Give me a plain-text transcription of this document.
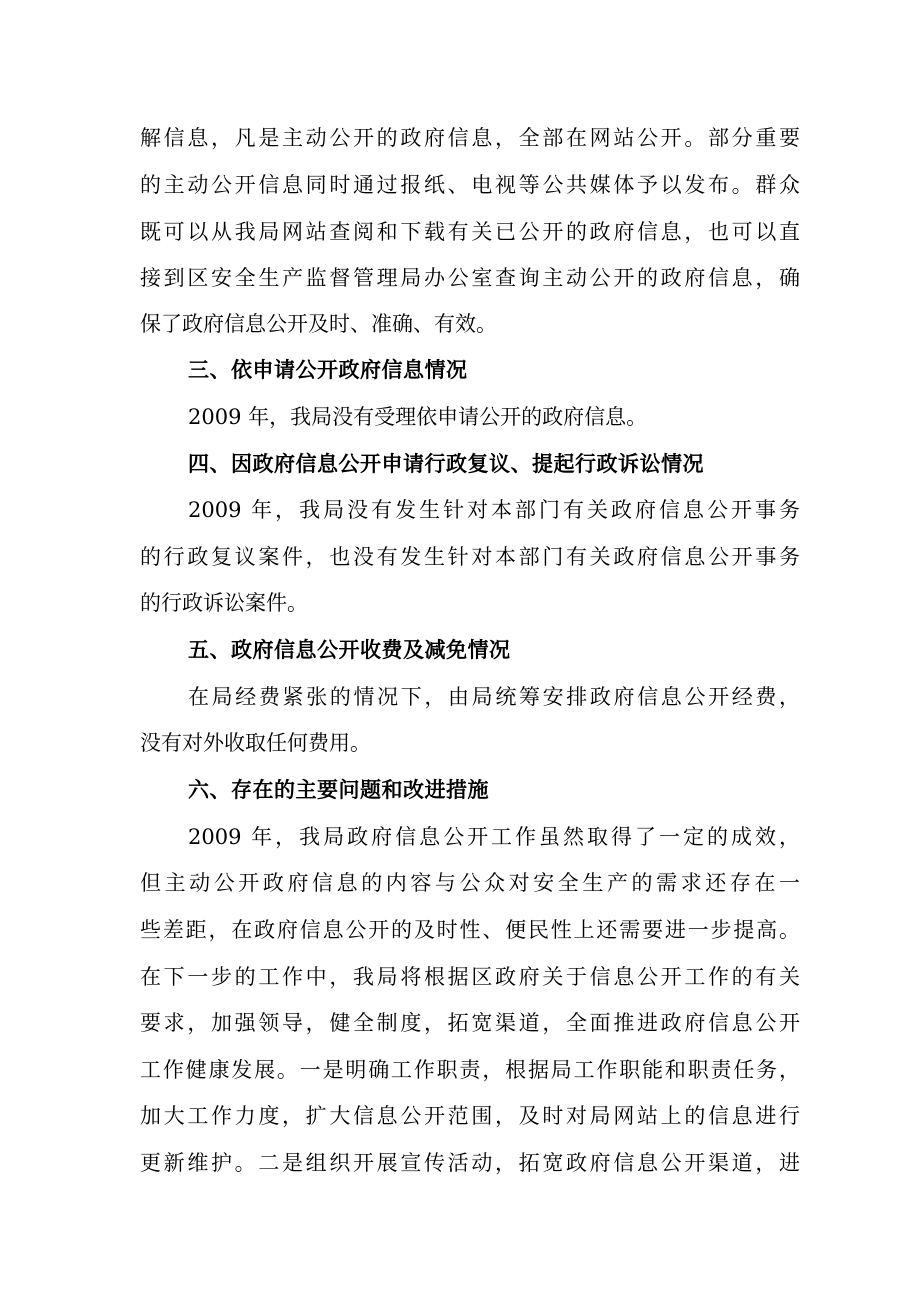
解信息，凡是主动公开的政府信息，全部在网站公开。部分重要
的主动公开信息同时通过报纸、电视等公共媒体予以发布。群众
既可以从我局网站查阅和下载有关已公开的政府信息，也可以直
接到区安全生产监督管理局办公室查询主动公开的政府信息，确
保了政府信息公开及时、准确、有效。
三、依申请公开政府信息情况
2009 年，我局没有受理依申请公开的政府信息。
四、因政府信息公开申请行政复议、提起行政诉讼情况
2009 年，我局没有发生针对本部门有关政府信息公开事务
的行政复议案件，也没有发生针对本部门有关政府信息公开事务
的行政诉讼案件。
五、政府信息公开收费及减免情况
在局经费紧张的情况下，由局统筹安排政府信息公开经费，
没有对外收取任何费用。
六、存在的主要问题和改进措施
2009 年，我局政府信息公开工作虽然取得了一定的成效，
但主动公开政府信息的内容与公众对安全生产的需求还存在一
些差距，在政府信息公开的及时性、便民性上还需要进一步提高。
在下一步的工作中，我局将根据区政府关于信息公开工作的有关
要求，加强领导，健全制度，拓宽渠道，全面推进政府信息公开
工作健康发展。一是明确工作职责，根据局工作职能和职责任务，
加大工作力度，扩大信息公开范围，及时对局网站上的信息进行
更新维护。二是组织开展宣传活动，拓宽政府信息公开渠道，进
